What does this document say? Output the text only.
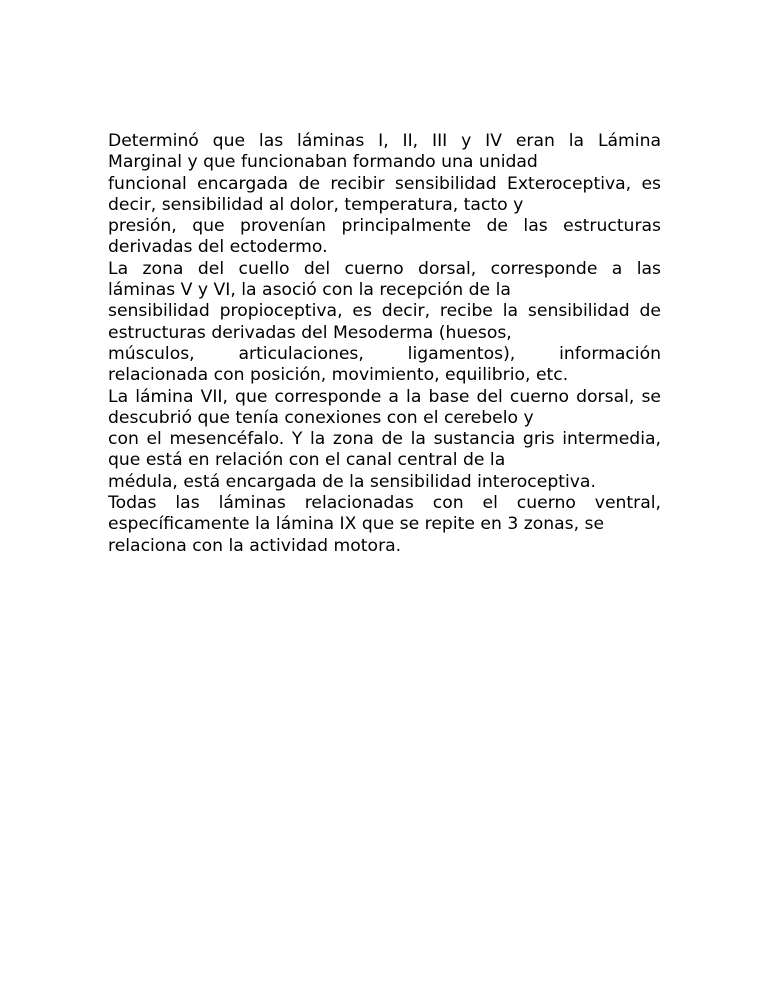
Determinó que las láminas I, II, III y IV eran la Lámina
Marginal y que funcionaban formando una unidad
funcional encargada de recibir sensibilidad Exteroceptiva, es
decir, sensibilidad al dolor, temperatura, tacto y
presión, que provenían principalmente de las estructuras
derivadas del ectodermo.
La zona del cuello del cuerno dorsal, corresponde a las
láminas V y VI, la asoció con la recepción de la
sensibilidad propioceptiva, es decir, recibe la sensibilidad de
estructuras derivadas del Mesoderma (huesos,
músculos, articulaciones, ligamentos), información
relacionada con posición, movimiento, equilibrio, etc.
La lámina VII, que corresponde a la base del cuerno dorsal, se
descubrió que tenía conexiones con el cerebelo y
con el mesencéfalo. Y la zona de la sustancia gris intermedia,
que está en relación con el canal central de la
médula, está encargada de la sensibilidad interoceptiva.
Todas las láminas relacionadas con el cuerno ventral,
específicamente la lámina IX que se repite en 3 zonas, se
relaciona con la actividad motora.
